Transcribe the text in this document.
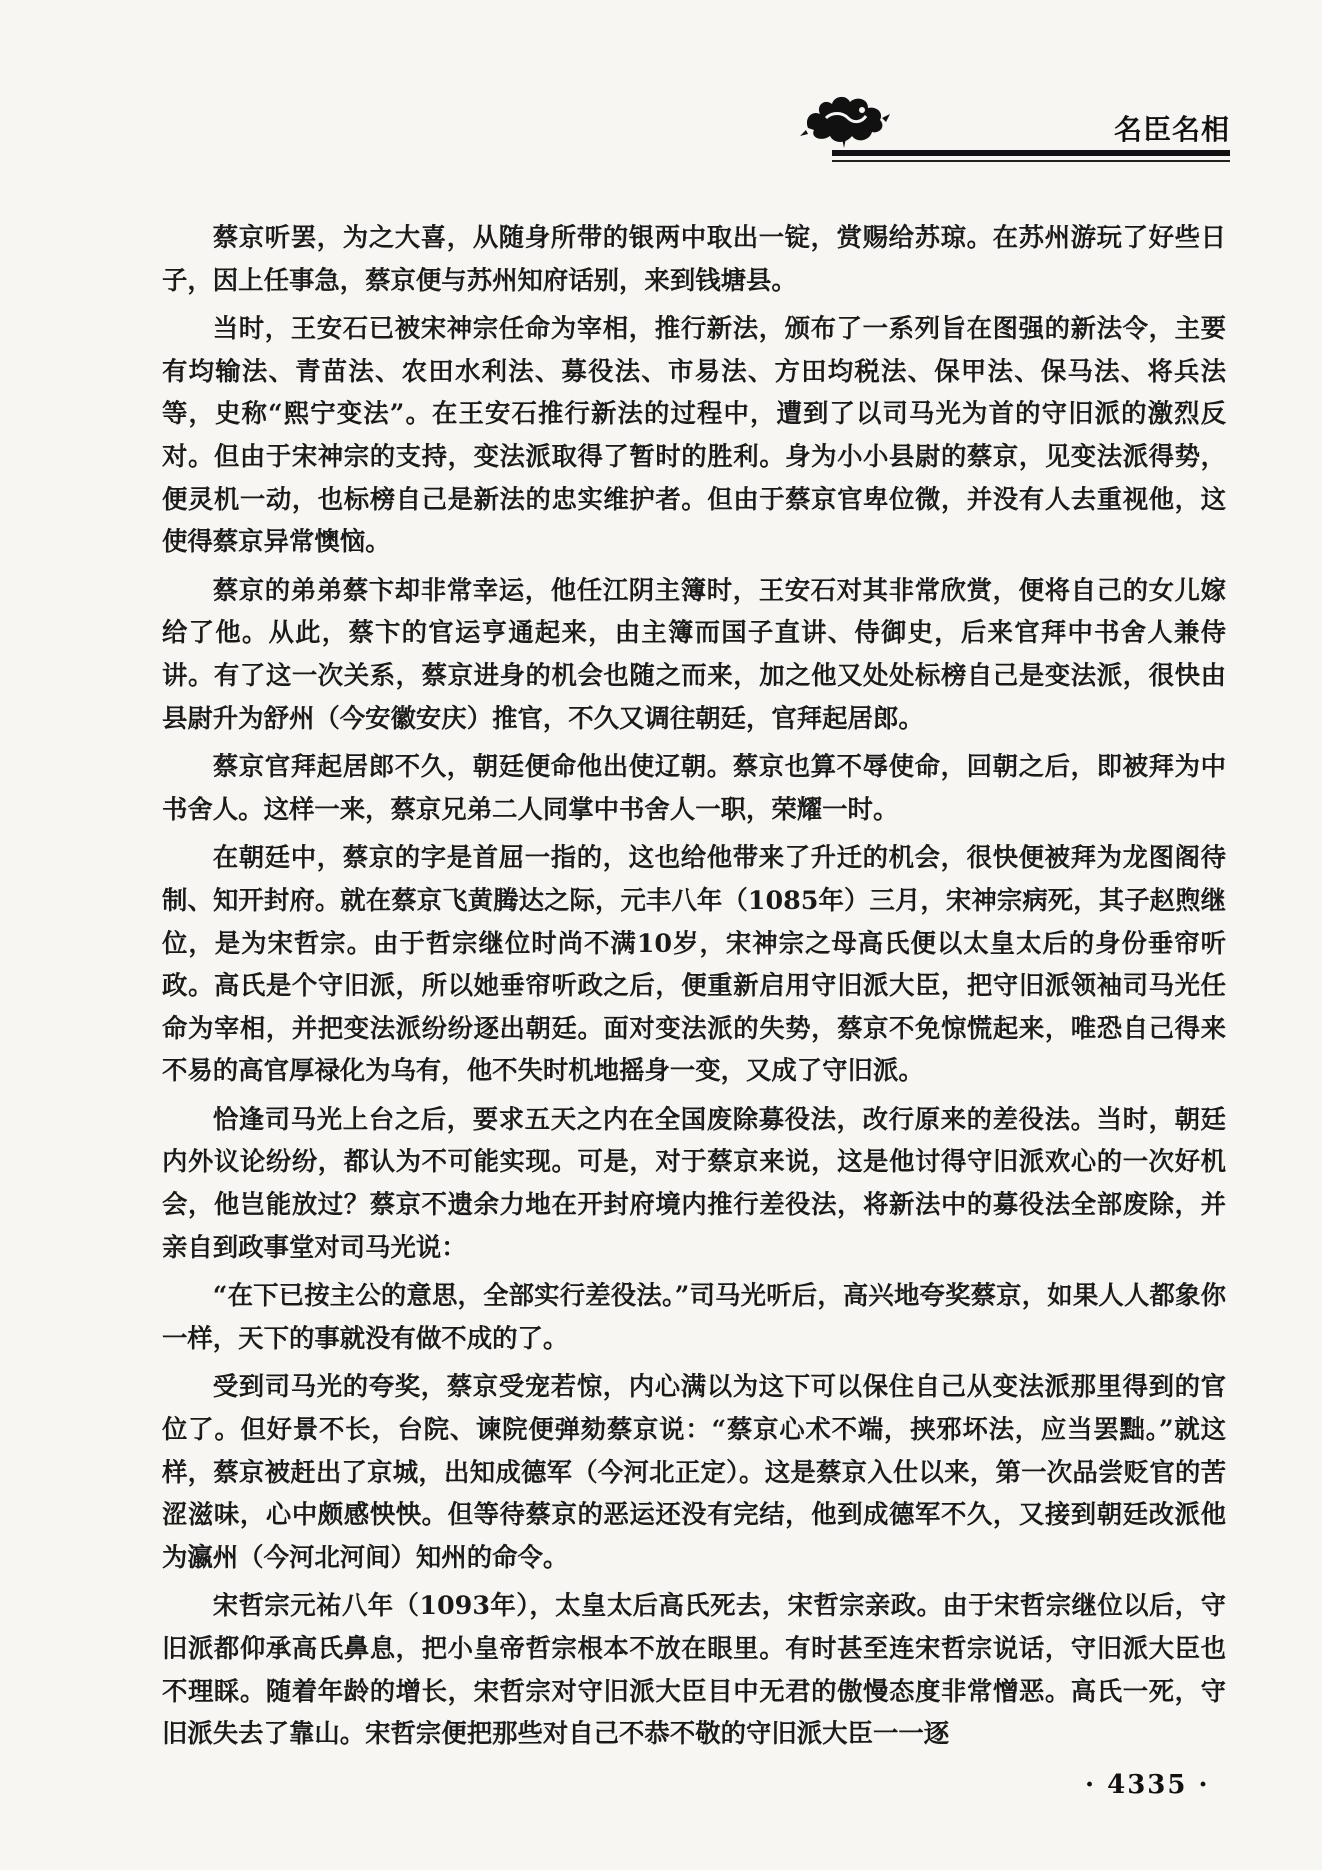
名臣名相

蔡京听罢，为之大喜，从随身所带的银两中取出一锭，赏赐给苏琼。在苏州游玩了好些日子，因上任事急，蔡京便与苏州知府话别，来到钱塘县。

当时，王安石已被宋神宗任命为宰相，推行新法，颁布了一系列旨在图强的新法令，主要有均输法、青苗法、农田水利法、募役法、市易法、方田均税法、保甲法、保马法、将兵法等，史称“熙宁变法”。在王安石推行新法的过程中，遭到了以司马光为首的守旧派的激烈反对。但由于宋神宗的支持，变法派取得了暂时的胜利。身为小小县尉的蔡京，见变法派得势，便灵机一动，也标榜自己是新法的忠实维护者。但由于蔡京官卑位微，并没有人去重视他，这使得蔡京异常懊恼。

蔡京的弟弟蔡卞却非常幸运，他任江阴主簿时，王安石对其非常欣赏，便将自己的女儿嫁给了他。从此，蔡卞的官运亨通起来，由主簿而国子直讲、侍御史，后来官拜中书舍人兼侍讲。有了这一次关系，蔡京进身的机会也随之而来，加之他又处处标榜自己是变法派，很快由县尉升为舒州（今安徽安庆）推官，不久又调往朝廷，官拜起居郎。

蔡京官拜起居郎不久，朝廷便命他出使辽朝。蔡京也算不辱使命，回朝之后，即被拜为中书舍人。这样一来，蔡京兄弟二人同掌中书舍人一职，荣耀一时。

在朝廷中，蔡京的字是首屈一指的，这也给他带来了升迁的机会，很快便被拜为龙图阁待制、知开封府。就在蔡京飞黄腾达之际，元丰八年（1085年）三月，宋神宗病死，其子赵煦继位，是为宋哲宗。由于哲宗继位时尚不满10岁，宋神宗之母高氏便以太皇太后的身份垂帘听政。高氏是个守旧派，所以她垂帘听政之后，便重新启用守旧派大臣，把守旧派领袖司马光任命为宰相，并把变法派纷纷逐出朝廷。面对变法派的失势，蔡京不免惊慌起来，唯恐自己得来不易的高官厚禄化为乌有，他不失时机地摇身一变，又成了守旧派。

恰逢司马光上台之后，要求五天之内在全国废除募役法，改行原来的差役法。当时，朝廷内外议论纷纷，都认为不可能实现。可是，对于蔡京来说，这是他讨得守旧派欢心的一次好机会，他岂能放过？蔡京不遗余力地在开封府境内推行差役法，将新法中的募役法全部废除，并亲自到政事堂对司马光说：

“在下已按主公的意思，全部实行差役法。”司马光听后，高兴地夸奖蔡京，如果人人都象你一样，天下的事就没有做不成的了。

受到司马光的夸奖，蔡京受宠若惊，内心满以为这下可以保住自己从变法派那里得到的官位了。但好景不长，台院、谏院便弹劾蔡京说：“蔡京心术不端，挟邪坏法，应当罢黜。”就这样，蔡京被赶出了京城，出知成德军（今河北正定）。这是蔡京入仕以来，第一次品尝贬官的苦涩滋味，心中颇感怏怏。但等待蔡京的恶运还没有完结，他到成德军不久，又接到朝廷改派他为瀛州（今河北河间）知州的命令。

宋哲宗元祐八年（1093年），太皇太后高氏死去，宋哲宗亲政。由于宋哲宗继位以后，守旧派都仰承高氏鼻息，把小皇帝哲宗根本不放在眼里。有时甚至连宋哲宗说话，守旧派大臣也不理睬。随着年龄的增长，宋哲宗对守旧派大臣目中无君的傲慢态度非常憎恶。高氏一死，守旧派失去了靠山。宋哲宗便把那些对自己不恭不敬的守旧派大臣一一逐

· 4335 ·
